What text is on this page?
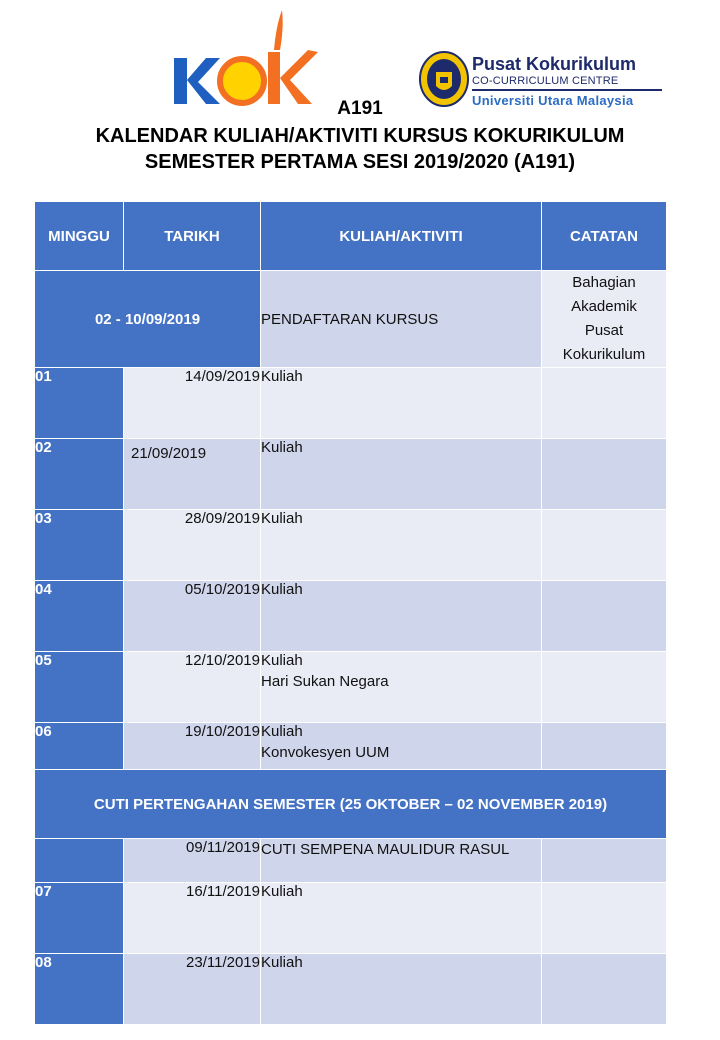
Pusat Kokurikulum
CO-CURRICULUM CENTRE
Universiti Utara Malaysia
A191
KALENDAR KULIAH/AKTIVITI KURSUS KOKURIKULUM
SEMESTER PERTAMA SESI 2019/2020 (A191)
MINGGU	TARIKH	KULIAH/AKTIVITI	CATATAN
02 - 10/09/2019		PENDAFTARAN KURSUS	Bahagian
Akademik
Pusat
Kokurikulum

01	14/09/2019	Kuliah	

02	21/09/2019	Kuliah	

03	28/09/2019	Kuliah	

04	05/10/2019	Kuliah	

05	12/10/2019	Kuliah
Hari Sukan Negara	

06	19/10/2019	Kuliah
Konvokesyen UUM	

CUTI PERTENGAHAN SEMESTER (25 OKTOBER – 02 NOVEMBER 2019)			
	09/11/2019	CUTI SEMPENA MAULIDUR RASUL	

07	16/11/2019	Kuliah	

08	23/11/2019	Kuliah	
